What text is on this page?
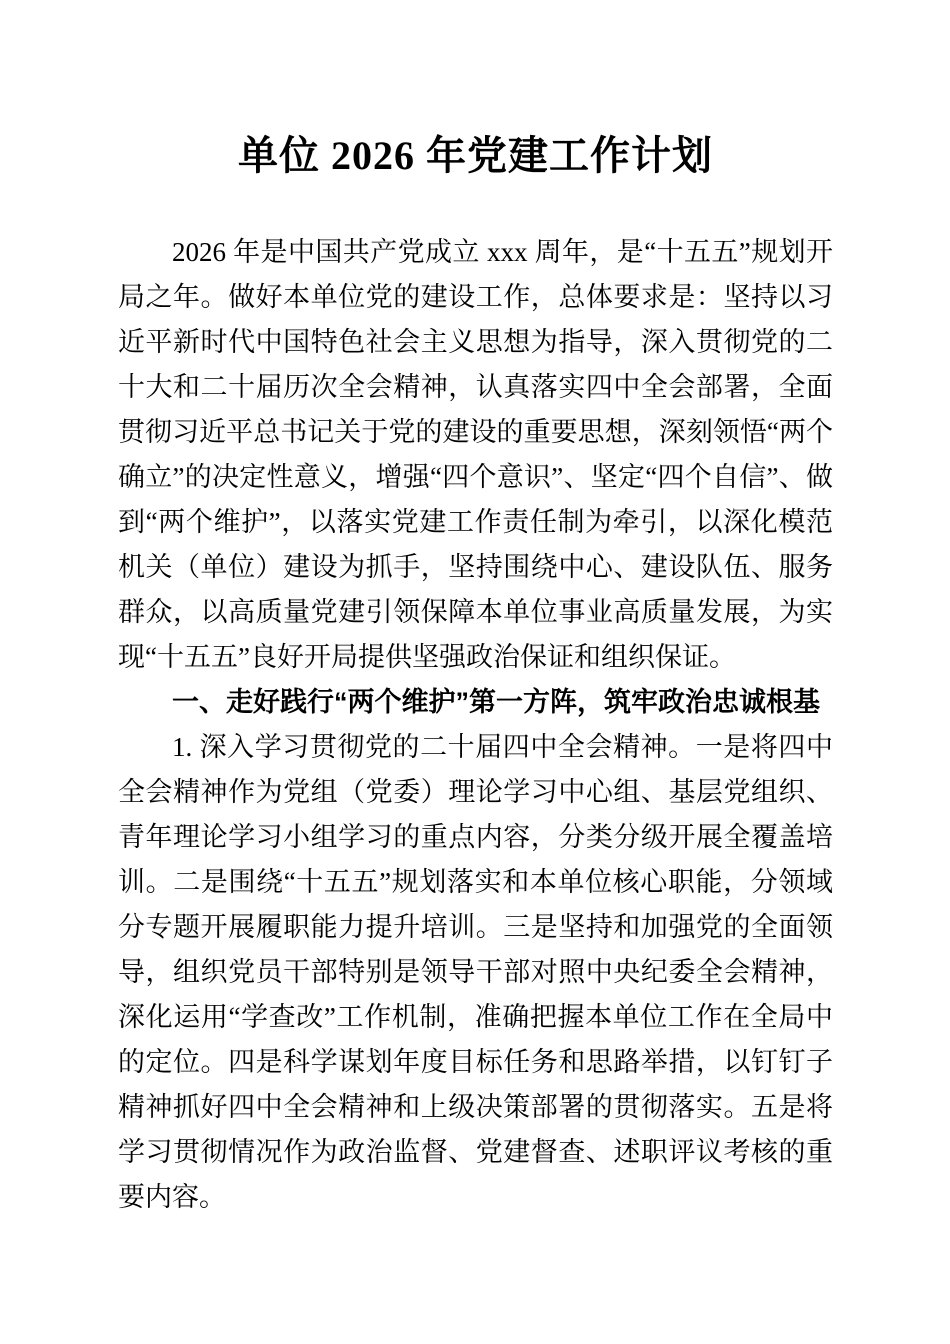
单位 2026 年党建工作计划

2026 年是中国共产党成立 xxx 周年，是“十五五”规划开局之年。做好本单位党的建设工作，总体要求是：坚持以习近平新时代中国特色社会主义思想为指导，深入贯彻党的二十大和二十届历次全会精神，认真落实四中全会部署，全面贯彻习近平总书记关于党的建设的重要思想，深刻领悟“两个确立”的决定性意义，增强“四个意识”、坚定“四个自信”、做到“两个维护”，以落实党建工作责任制为牵引，以深化模范机关（单位）建设为抓手，坚持围绕中心、建设队伍、服务群众，以高质量党建引领保障本单位事业高质量发展，为实现“十五五”良好开局提供坚强政治保证和组织保证。

一、走好践行“两个维护”第一方阵，筑牢政治忠诚根基

1. 深入学习贯彻党的二十届四中全会精神。一是将四中全会精神作为党组（党委）理论学习中心组、基层党组织、青年理论学习小组学习的重点内容，分类分级开展全覆盖培训。二是围绕“十五五”规划落实和本单位核心职能，分领域分专题开展履职能力提升培训。三是坚持和加强党的全面领导，组织党员干部特别是领导干部对照中央纪委全会精神，深化运用“学查改”工作机制，准确把握本单位工作在全局中的定位。四是科学谋划年度目标任务和思路举措，以钉钉子精神抓好四中全会精神和上级决策部署的贯彻落实。五是将学习贯彻情况作为政治监督、党建督查、述职评议考核的重要内容。
